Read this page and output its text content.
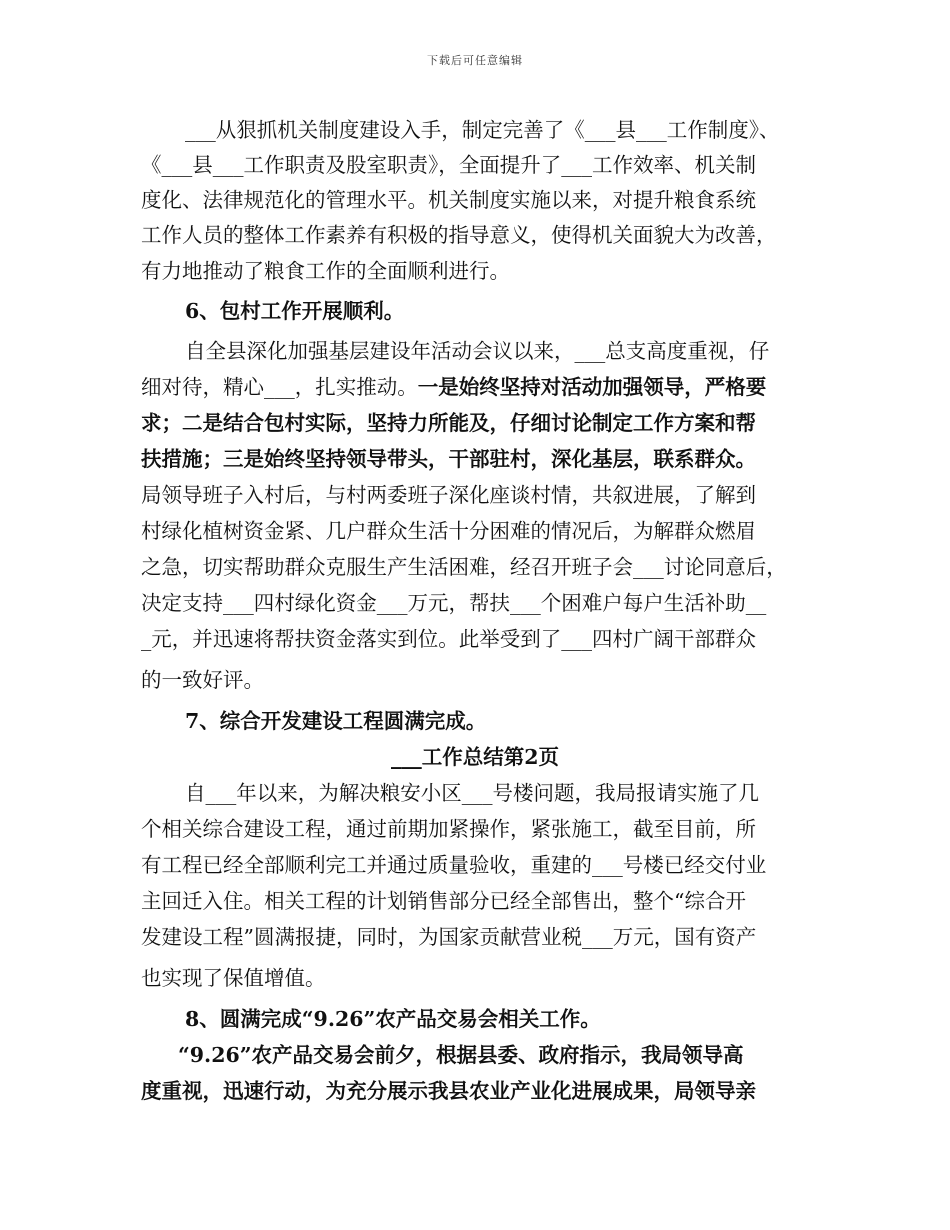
下载后可任意编辑
___从狠抓机关制度建设入手，制定完善了《___县___工作制度》、
《___县___工作职责及股室职责》，全面提升了___工作效率、机关制
度化、法律规范化的管理水平。机关制度实施以来，对提升粮食系统
工作人员的整体工作素养有积极的指导意义，使得机关面貌大为改善，
有力地推动了粮食工作的全面顺利进行。
6、包村工作开展顺利。
自全县深化加强基层建设年活动会议以来，___总支高度重视，仔
细对待，精心___，扎实推动。一是始终坚持对活动加强领导，严格要
求；二是结合包村实际，坚持力所能及，仔细讨论制定工作方案和帮
扶措施；三是始终坚持领导带头，干部驻村，深化基层，联系群众。
局领导班子入村后，与村两委班子深化座谈村情，共叙进展，了解到
村绿化植树资金紧、几户群众生活十分困难的情况后，为解群众燃眉
之急，切实帮助群众克服生产生活困难，经召开班子会___讨论同意后，
决定支持___四村绿化资金___万元，帮扶___个困难户每户生活补助__
_元，并迅速将帮扶资金落实到位。此举受到了___四村广阔干部群众
的一致好评。
7、综合开发建设工程圆满完成。
___工作总结第2页
自___年以来，为解决粮安小区___号楼问题，我局报请实施了几
个相关综合建设工程，通过前期加紧操作，紧张施工，截至目前，所
有工程已经全部顺利完工并通过质量验收，重建的___号楼已经交付业
主回迁入住。相关工程的计划销售部分已经全部售出，整个“综合开
发建设工程”圆满报捷，同时，为国家贡献营业税___万元，国有资产
也实现了保值增值。
8、圆满完成“9.26”农产品交易会相关工作。
“9.26”农产品交易会前夕，根据县委、政府指示，我局领导高
度重视，迅速行动，为充分展示我县农业产业化进展成果，局领导亲
